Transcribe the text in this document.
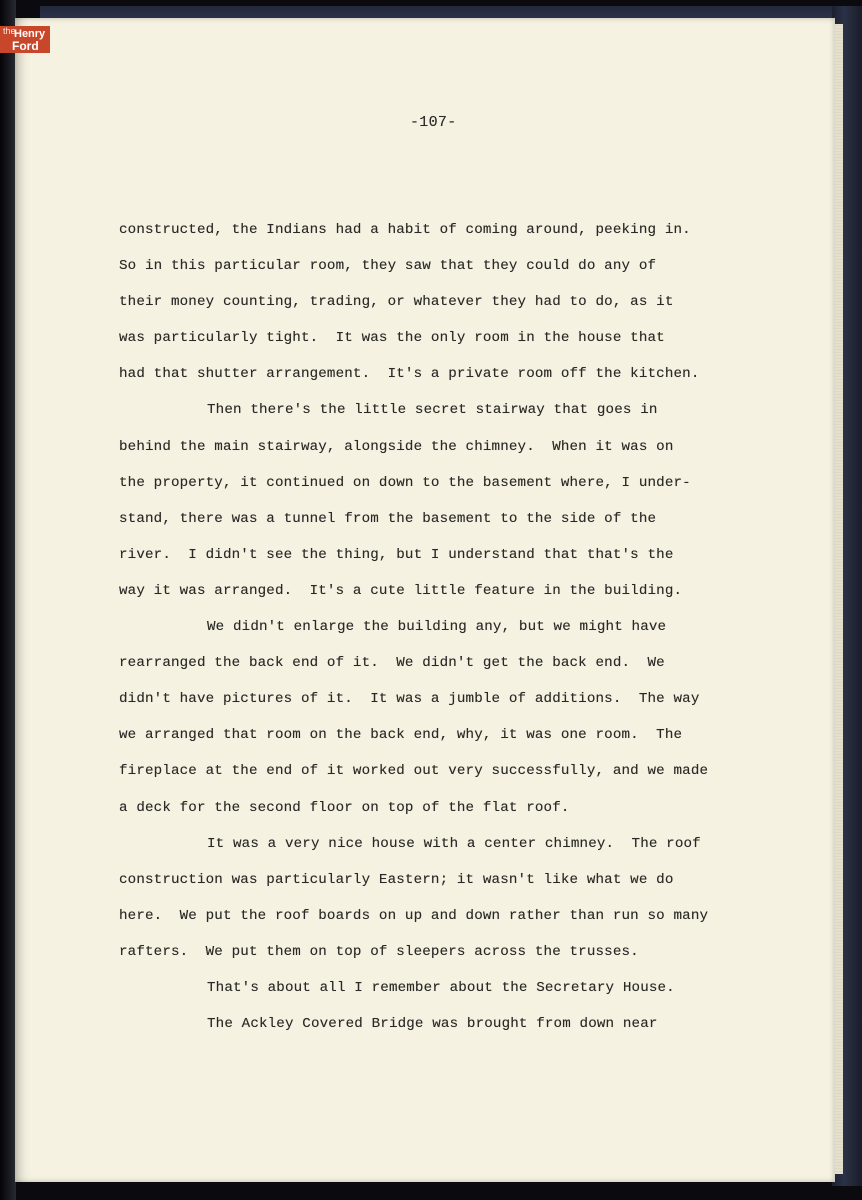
the
Henry
Ford
-107-
constructed, the Indians had a habit of coming around, peeking in.
So in this particular room, they saw that they could do any of
their money counting, trading, or whatever they had to do, as it
was particularly tight.  It was the only room in the house that
had that shutter arrangement.  It's a private room off the kitchen.
Then there's the little secret stairway that goes in
behind the main stairway, alongside the chimney.  When it was on
the property, it continued on down to the basement where, I under-
stand, there was a tunnel from the basement to the side of the
river.  I didn't see the thing, but I understand that that's the
way it was arranged.  It's a cute little feature in the building.
We didn't enlarge the building any, but we might have
rearranged the back end of it.  We didn't get the back end.  We
didn't have pictures of it.  It was a jumble of additions.  The way
we arranged that room on the back end, why, it was one room.  The
fireplace at the end of it worked out very successfully, and we made
a deck for the second floor on top of the flat roof.
It was a very nice house with a center chimney.  The roof
construction was particularly Eastern; it wasn't like what we do
here.  We put the roof boards on up and down rather than run so many
rafters.  We put them on top of sleepers across the trusses.
That's about all I remember about the Secretary House.
The Ackley Covered Bridge was brought from down near
